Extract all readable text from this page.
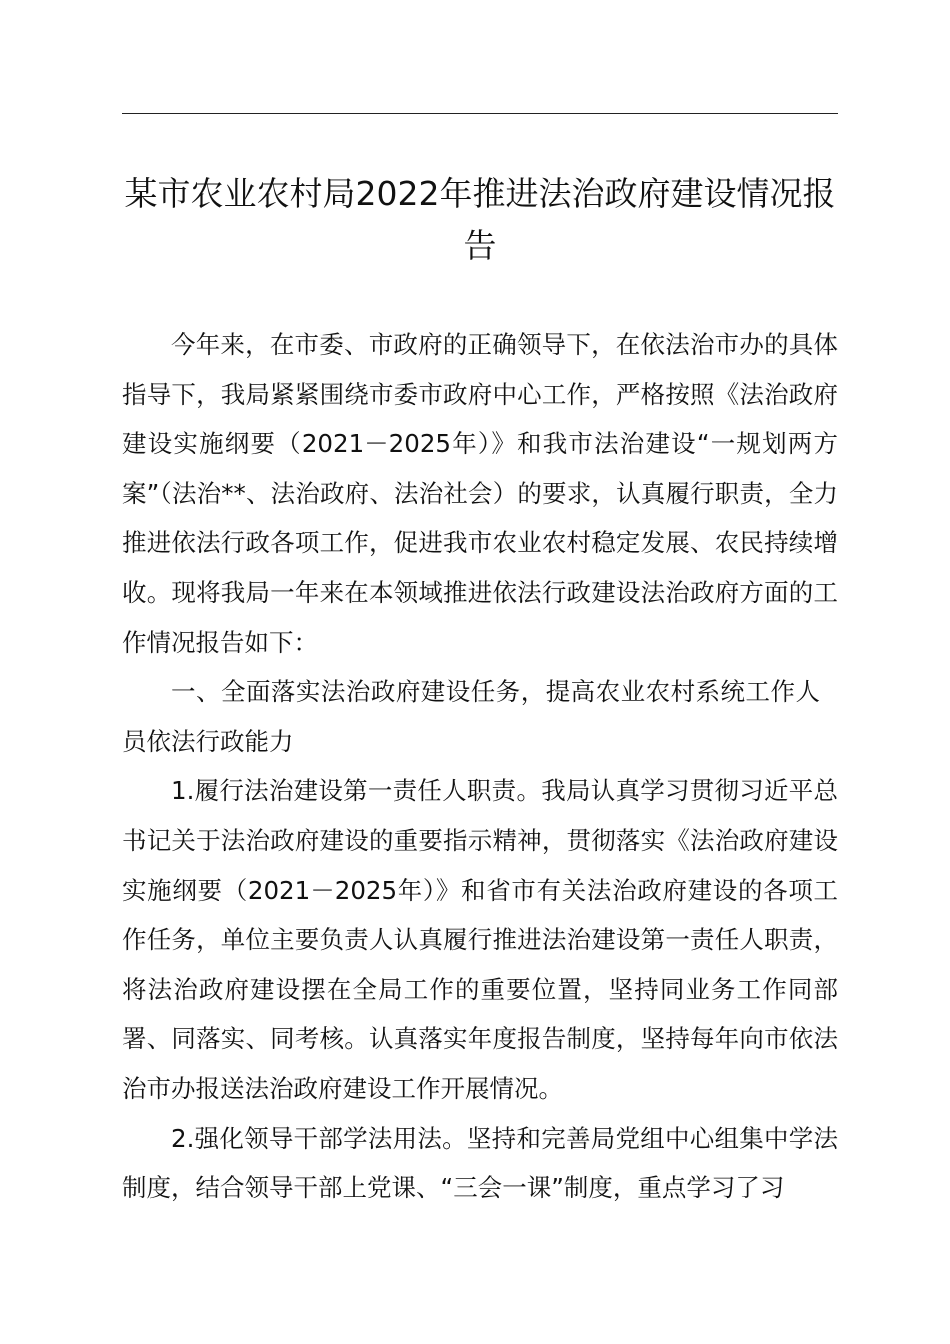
某市农业农村局2022年推进法治政府建设情况报告

今年来，在市委、市政府的正确领导下，在依法治市办的具体指导下，我局紧紧围绕市委市政府中心工作，严格按照《法治政府建设实施纲要（2021－2025年）》和我市法治建设“一规划两方案”（法治**、法治政府、法治社会）的要求，认真履行职责，全力推进依法行政各项工作，促进我市农业农村稳定发展、农民持续增收。现将我局一年来在本领域推进依法行政建设法治政府方面的工作情况报告如下：

一、全面落实法治政府建设任务，提高农业农村系统工作人员依法行政能力

1.履行法治建设第一责任人职责。我局认真学习贯彻习近平总书记关于法治政府建设的重要指示精神，贯彻落实《法治政府建设实施纲要（2021－2025年）》和省市有关法治政府建设的各项工作任务，单位主要负责人认真履行推进法治建设第一责任人职责，将法治政府建设摆在全局工作的重要位置，坚持同业务工作同部署、同落实、同考核。认真落实年度报告制度，坚持每年向市依法治市办报送法治政府建设工作开展情况。

2.强化领导干部学法用法。坚持和完善局党组中心组集中学法制度，结合领导干部上党课、“三会一课”制度，重点学习了习
